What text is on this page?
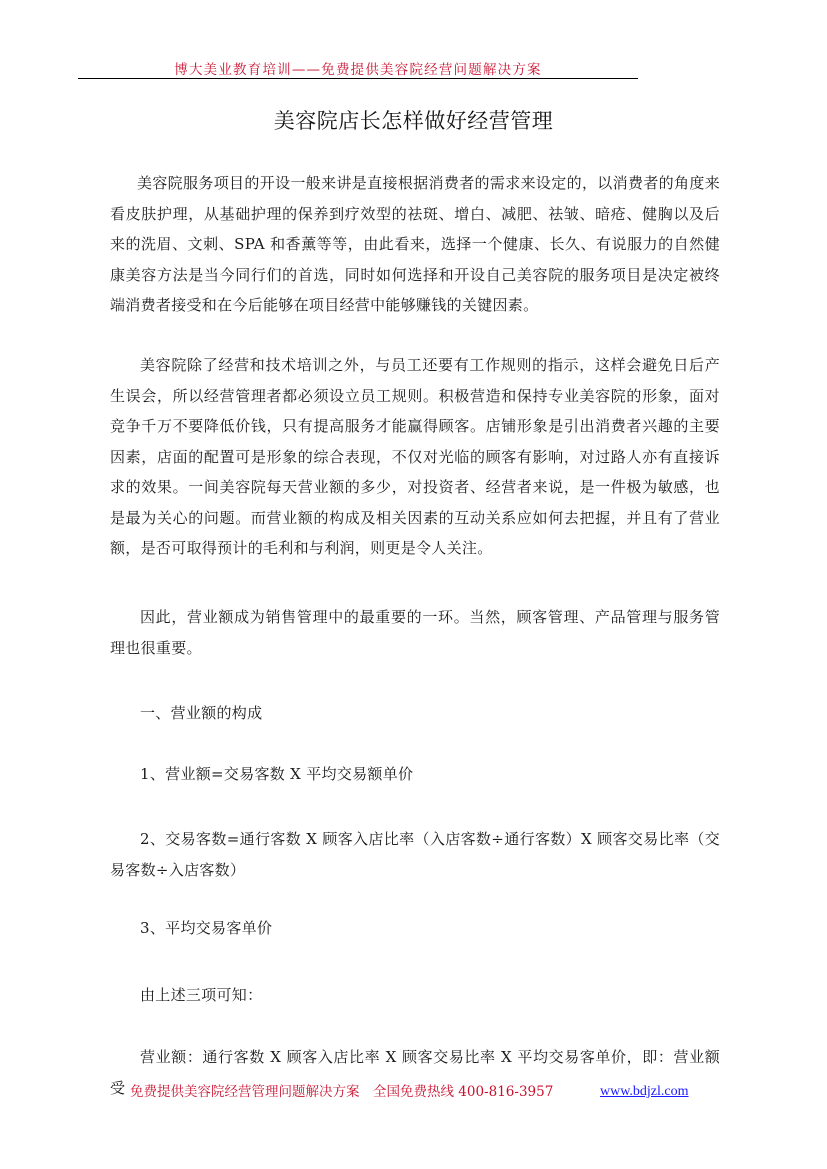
博大美业教育培训——免费提供美容院经营问题解决方案
美容院店长怎样做好经营管理

美容院服务项目的开设一般来讲是直接根据消费者的需求来设定的，以消费者的角度来看皮肤护理，从基础护理的保养到疗效型的祛斑、增白、减肥、祛皱、暗疮、健胸以及后来的洗眉、文刺、SPA 和香薰等等，由此看来，选择一个健康、长久、有说服力的自然健康美容方法是当今同行们的首选，同时如何选择和开设自己美容院的服务项目是决定被终端消费者接受和在今后能够在项目经营中能够赚钱的关键因素。

美容院除了经营和技术培训之外，与员工还要有工作规则的指示，这样会避免日后产生误会，所以经营管理者都必须设立员工规则。积极营造和保持专业美容院的形象，面对竞争千万不要降低价钱，只有提高服务才能赢得顾客。店铺形象是引出消费者兴趣的主要因素，店面的配置可是形象的综合表现，不仅对光临的顾客有影响，对过路人亦有直接诉求的效果。一间美容院每天营业额的多少，对投资者、经营者来说，是一件极为敏感，也是最为关心的问题。而营业额的构成及相关因素的互动关系应如何去把握，并且有了营业额，是否可取得预计的毛利和与利润，则更是令人关注。

因此，营业额成为销售管理中的最重要的一环。当然，顾客管理、产品管理与服务管理也很重要。

一、营业额的构成

1、营业额=交易客数 X 平均交易额单价

2、交易客数=通行客数 X 顾客入店比率（入店客数÷通行客数）X 顾客交易比率（交易客数÷入店客数）

3、平均交易客单价

由上述三项可知：

营业额：通行客数 X 顾客入店比率 X 顾客交易比率 X 平均交易客单价，即：营业额受 免费提供美容院经营管理问题解决方案　全国免费热线 400-816-3957	www.bdjzl.com
